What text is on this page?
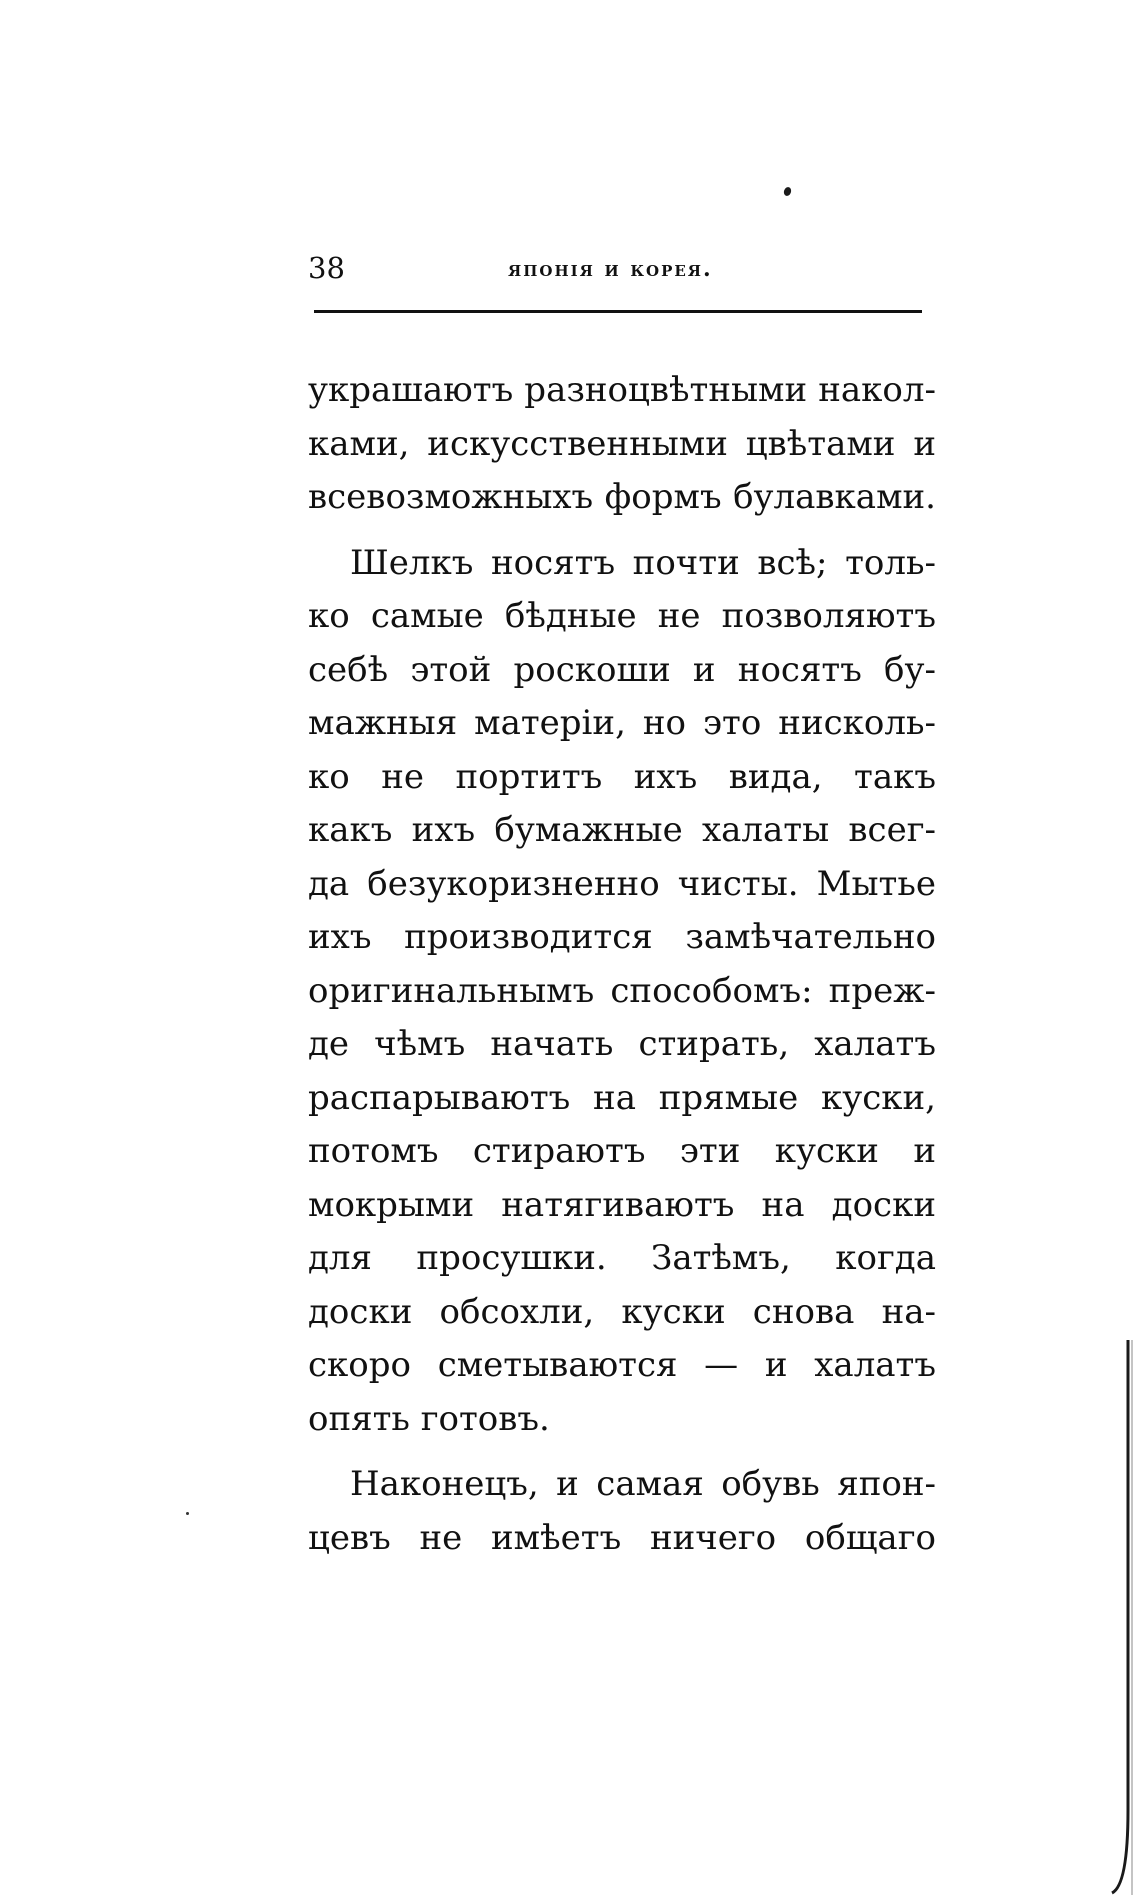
38	японія и корея.
украшаютъ разноцвѣтными накол-
ками, искусственными цвѣтами и
всевозможныхъ формъ булавками.
Шелкъ носятъ почти всѣ; толь-
ко самые бѣдные не позволяютъ
себѣ этой роскоши и носятъ бу-
мажныя матеріи, но это нисколь-
ко не портитъ ихъ вида, такъ
какъ ихъ бумажные халаты всег-
да безукоризненно чисты. Мытье
ихъ производится замѣчательно
оригинальнымъ способомъ: преж-
де чѣмъ начать стирать, халатъ
распарываютъ на прямые куски,
потомъ стираютъ эти куски и
мокрыми натягиваютъ на доски
для просушки. Затѣмъ, когда
доски обсохли, куски снова на-
скоро сметываются — и халатъ
опять готовъ.
Наконецъ, и самая обувь япон-
цевъ не имѣетъ ничего общаго
